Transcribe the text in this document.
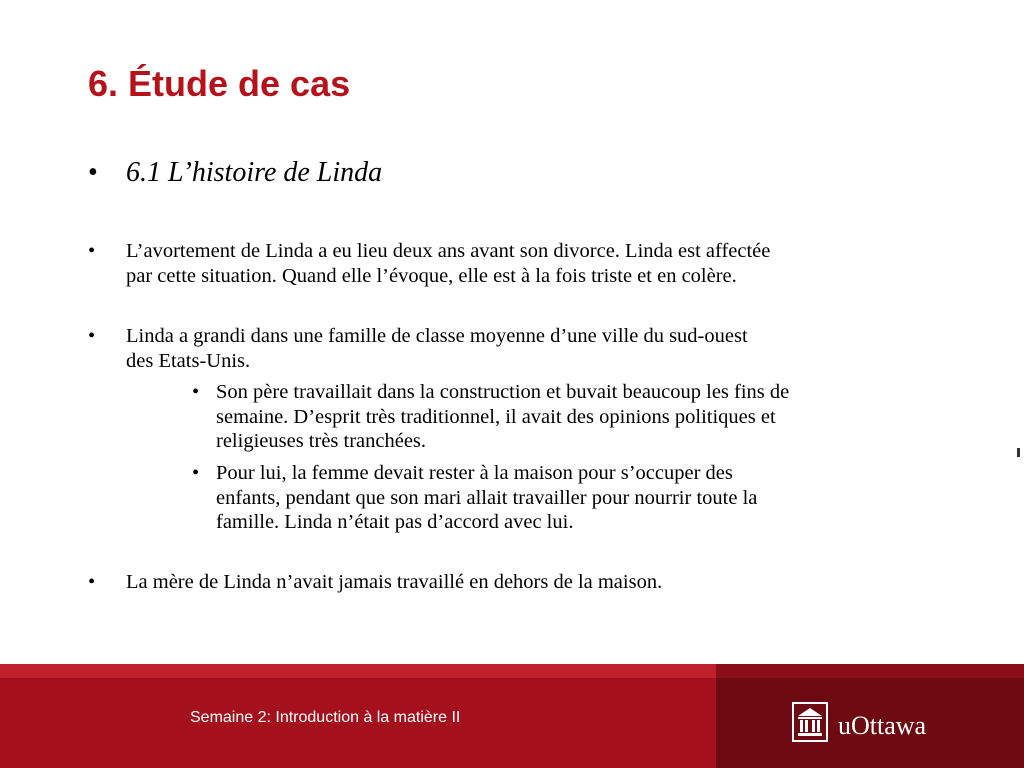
6. Étude de cas
• 6.1 L’histoire de Linda
• L’avortement de Linda a eu lieu deux ans avant son divorce. Linda est affectée
par cette situation. Quand elle l’évoque, elle est à la fois triste et en colère.
• Linda a grandi dans une famille de classe moyenne d’une ville du sud-ouest
des Etats-Unis.
• Son père travaillait dans la construction et buvait beaucoup les fins de
semaine. D’esprit très traditionnel, il avait des opinions politiques et
religieuses très tranchées.
• Pour lui, la femme devait rester à la maison pour s’occuper des
enfants, pendant que son mari allait travailler pour nourrir toute la
famille. Linda n’était pas d’accord avec lui.
• La mère de Linda n’avait jamais travaillé en dehors de la maison.
Semaine 2: Introduction à la matière II	uOttawa
